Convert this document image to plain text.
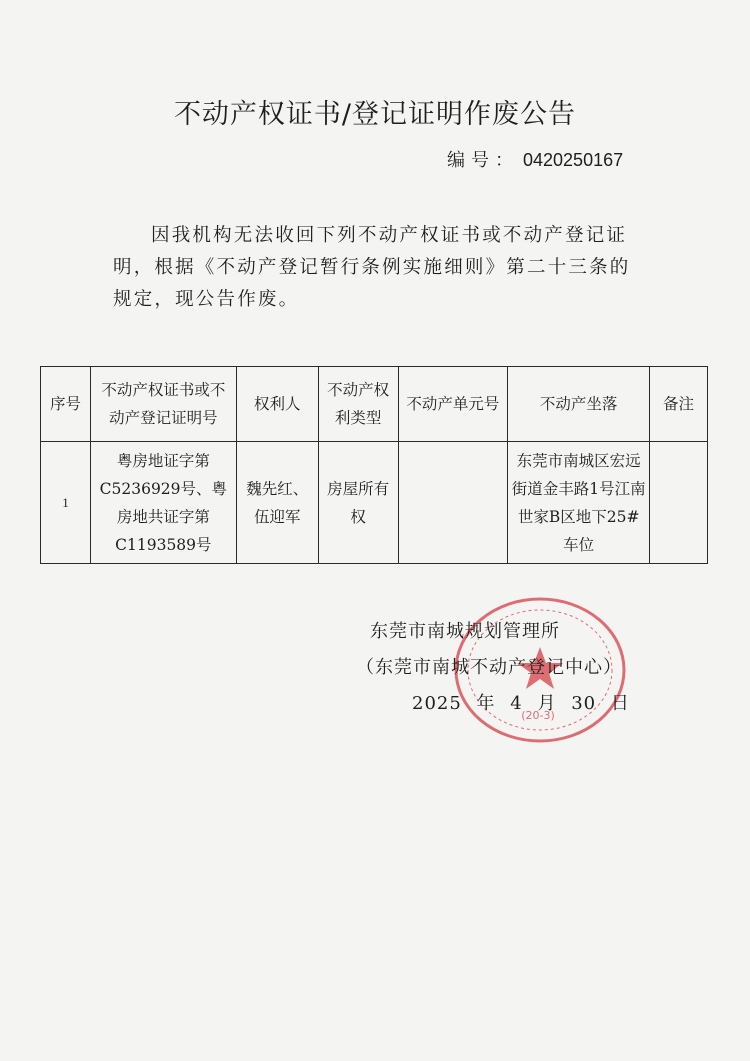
不动产权证书/登记证明作废公告
编号： 0420250167
因我机构无法收回下列不动产权证书或不动产登记证明，根据《不动产登记暂行条例实施细则》第二十三条的规定，现公告作废。
序号	不动产权证书或不动产登记证明号	权利人	不动产权利类型	不动产单元号	不动产坐落	备注
1	粤房地证字第C5236929号、粤房地共证字第C1193589号	魏先红、伍迎军	房屋所有权		东莞市南城区宏远街道金丰路1号江南世家B区地下25#车位	
(20-3)
东莞市南城规划管理所
（东莞市南城不动产登记中心）
2025 年 4 月 30 日
